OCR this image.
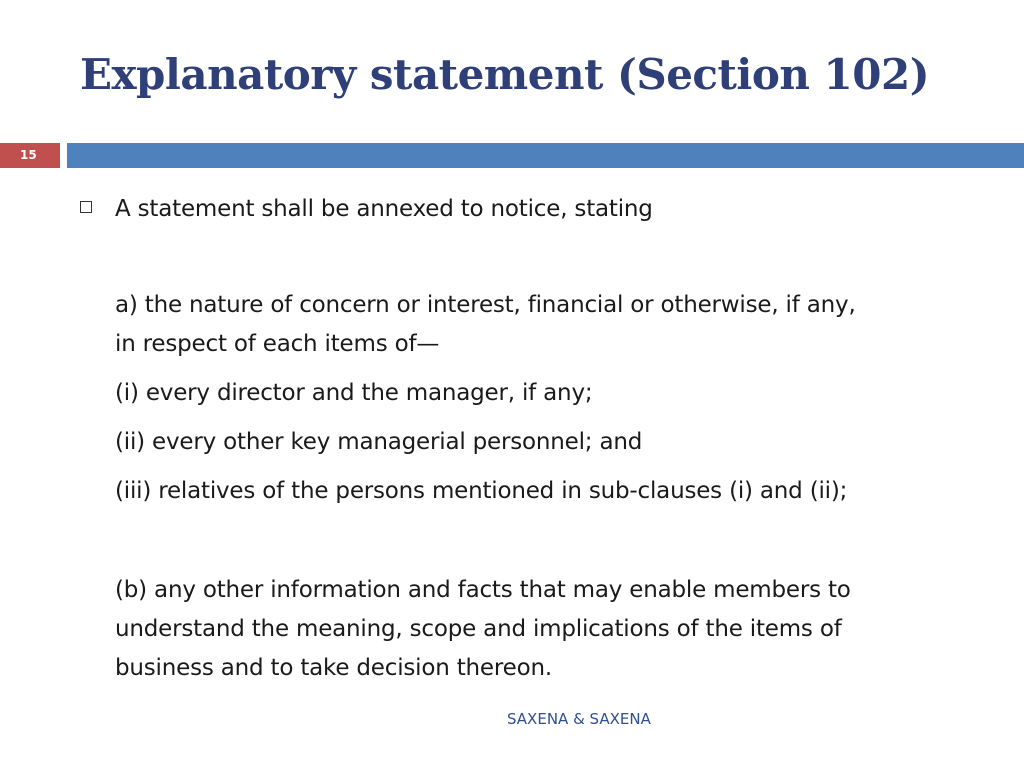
Explanatory statement (Section 102)
15
A statement shall be annexed to notice, stating

a) the nature of concern or interest, financial or otherwise, if any,

in respect of each items of—

(i) every director and the manager, if any;

(ii) every other key managerial personnel; and

(iii) relatives of the persons mentioned in sub-clauses (i) and (ii);

(b) any other information and facts that may enable members to

understand the meaning, scope and implications of the items of

business and to take decision thereon.

SAXENA & SAXENA
